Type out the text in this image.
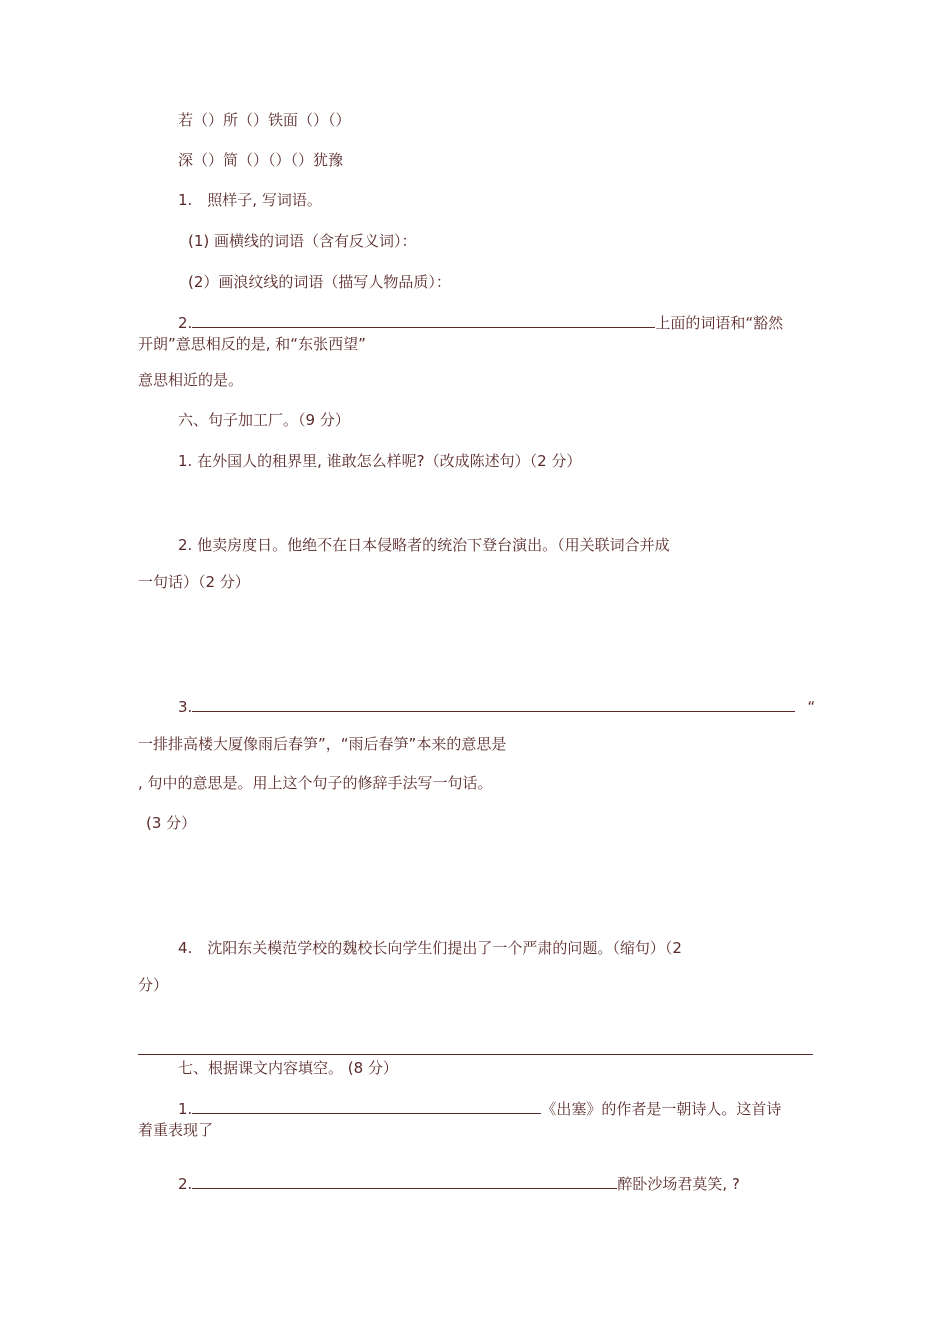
若（）所（）铁面（）（）
深（）简（）（）（）犹豫
1.　照样子, 写词语。
(1) 画横线的词语（含有反义词）：
(2）画浪纹线的词语（描写人物品质）：
2.	上面的词语和“豁然
开朗”意思相反的是, 和“东张西望”
意思相近的是。
六、句子加工厂。（9 分）
1. 在外国人的租界里, 谁敢怎么样呢?（改成陈述句）（2 分）
2. 他卖房度日。他绝不在日本侵略者的统治下登台演出。（用关联词合并成
一句话）（2 分）
3.	“
一排排高楼大厦像雨后春笋”，“雨后春笋”本来的意思是
, 句中的意思是。用上这个句子的修辞手法写一句话。
(3 分）
4.　沈阳东关模范学校的魏校长向学生们提出了一个严肃的问题。（缩句）（2
分）
七、根据课文内容填空。 (8 分）
1.	《出塞》的作者是一朝诗人。这首诗
着重表现了
2.	醉卧沙场君莫笑, ?
